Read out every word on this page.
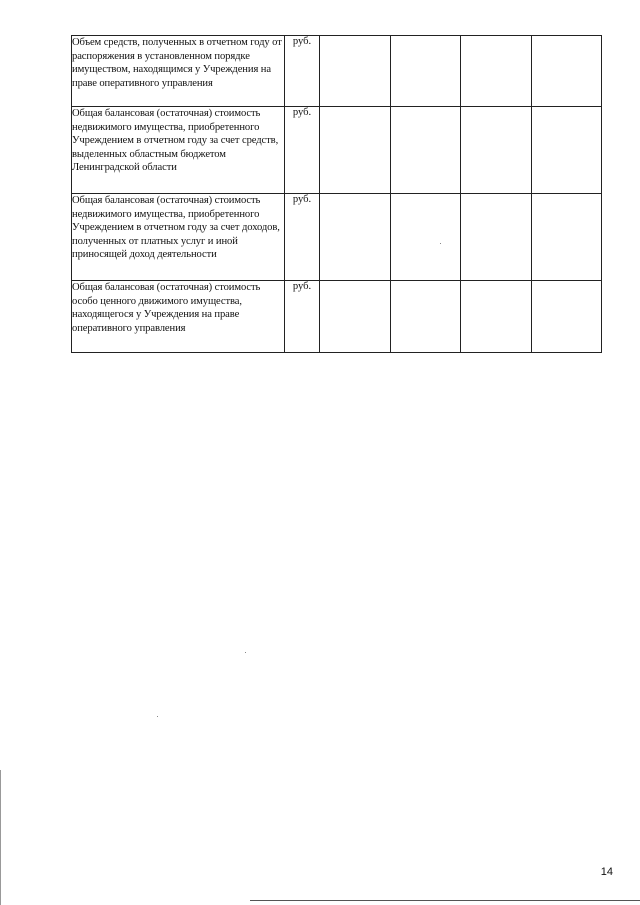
Объем средств, полученных в отчетном году от распоряжения в установленном порядке имуществом, находящимся у Учреждения на праве оперативного управления	руб.				
Общая балансовая (остаточная) стоимость недвижимого имущества, приобретенного Учреждением в отчетном году за счет средств, выделенных областным бюджетом Ленинградской области	руб.				
Общая балансовая (остаточная) стоимость недвижимого имущества, приобретенного Учреждением в отчетном году за счет доходов, полученных от платных услуг и иной приносящей доход деятельности	руб.				
Общая балансовая (остаточная) стоимость особо ценного движимого имущества, находящегося у Учреждения на праве оперативного управления	руб.				
14
